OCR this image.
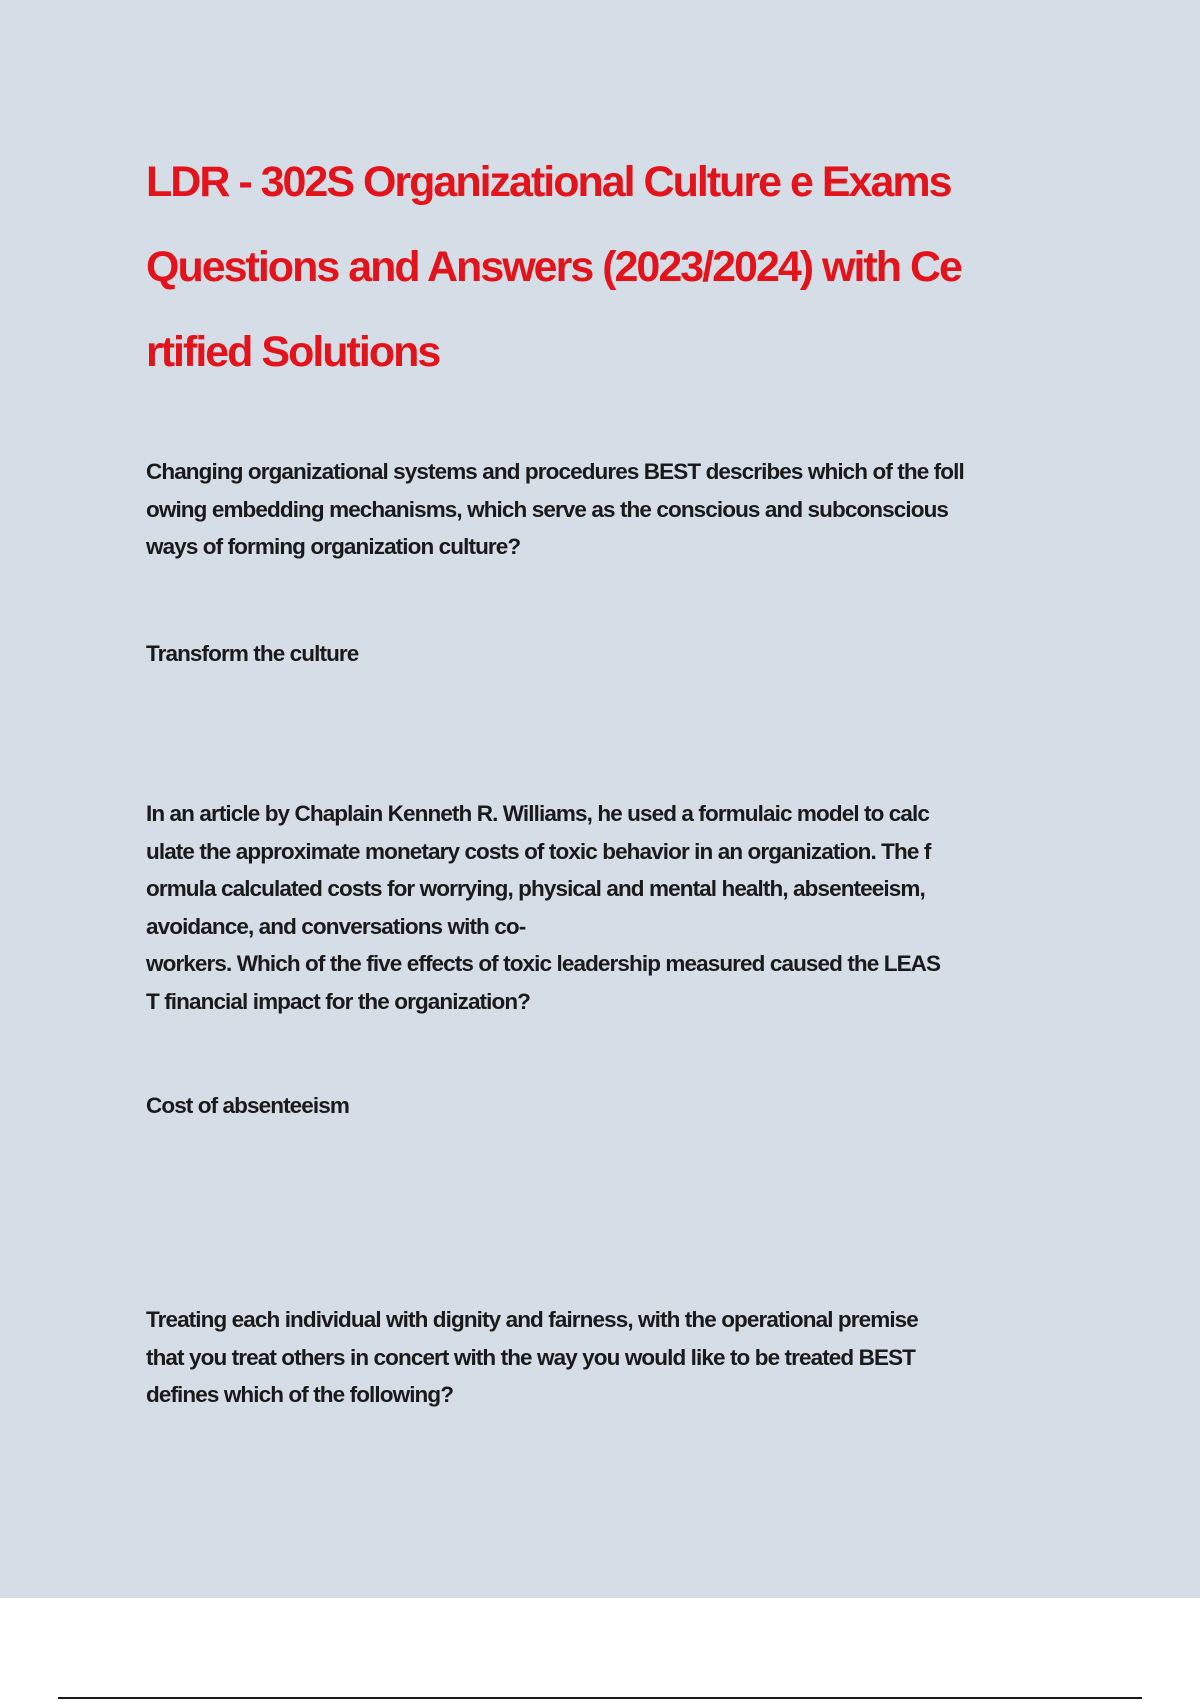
LDR - 302S Organizational Culture e Exams
Questions and Answers (2023/2024) with Ce
rtified Solutions
Changing organizational systems and procedures BEST describes which of the foll
owing embedding mechanisms, which serve as the conscious and subconscious
ways of forming organization culture?
Transform the culture
In an article by Chaplain Kenneth R. Williams, he used a formulaic model to calc
ulate the approximate monetary costs of toxic behavior in an organization. The f
ormula calculated costs for worrying, physical and mental health, absenteeism,
avoidance, and conversations with co-
workers. Which of the five effects of toxic leadership measured caused the LEAS
T financial impact for the organization?
Cost of absenteeism
Treating each individual with dignity and fairness, with the operational premise
that you treat others in concert with the way you would like to be treated BEST
defines which of the following?
